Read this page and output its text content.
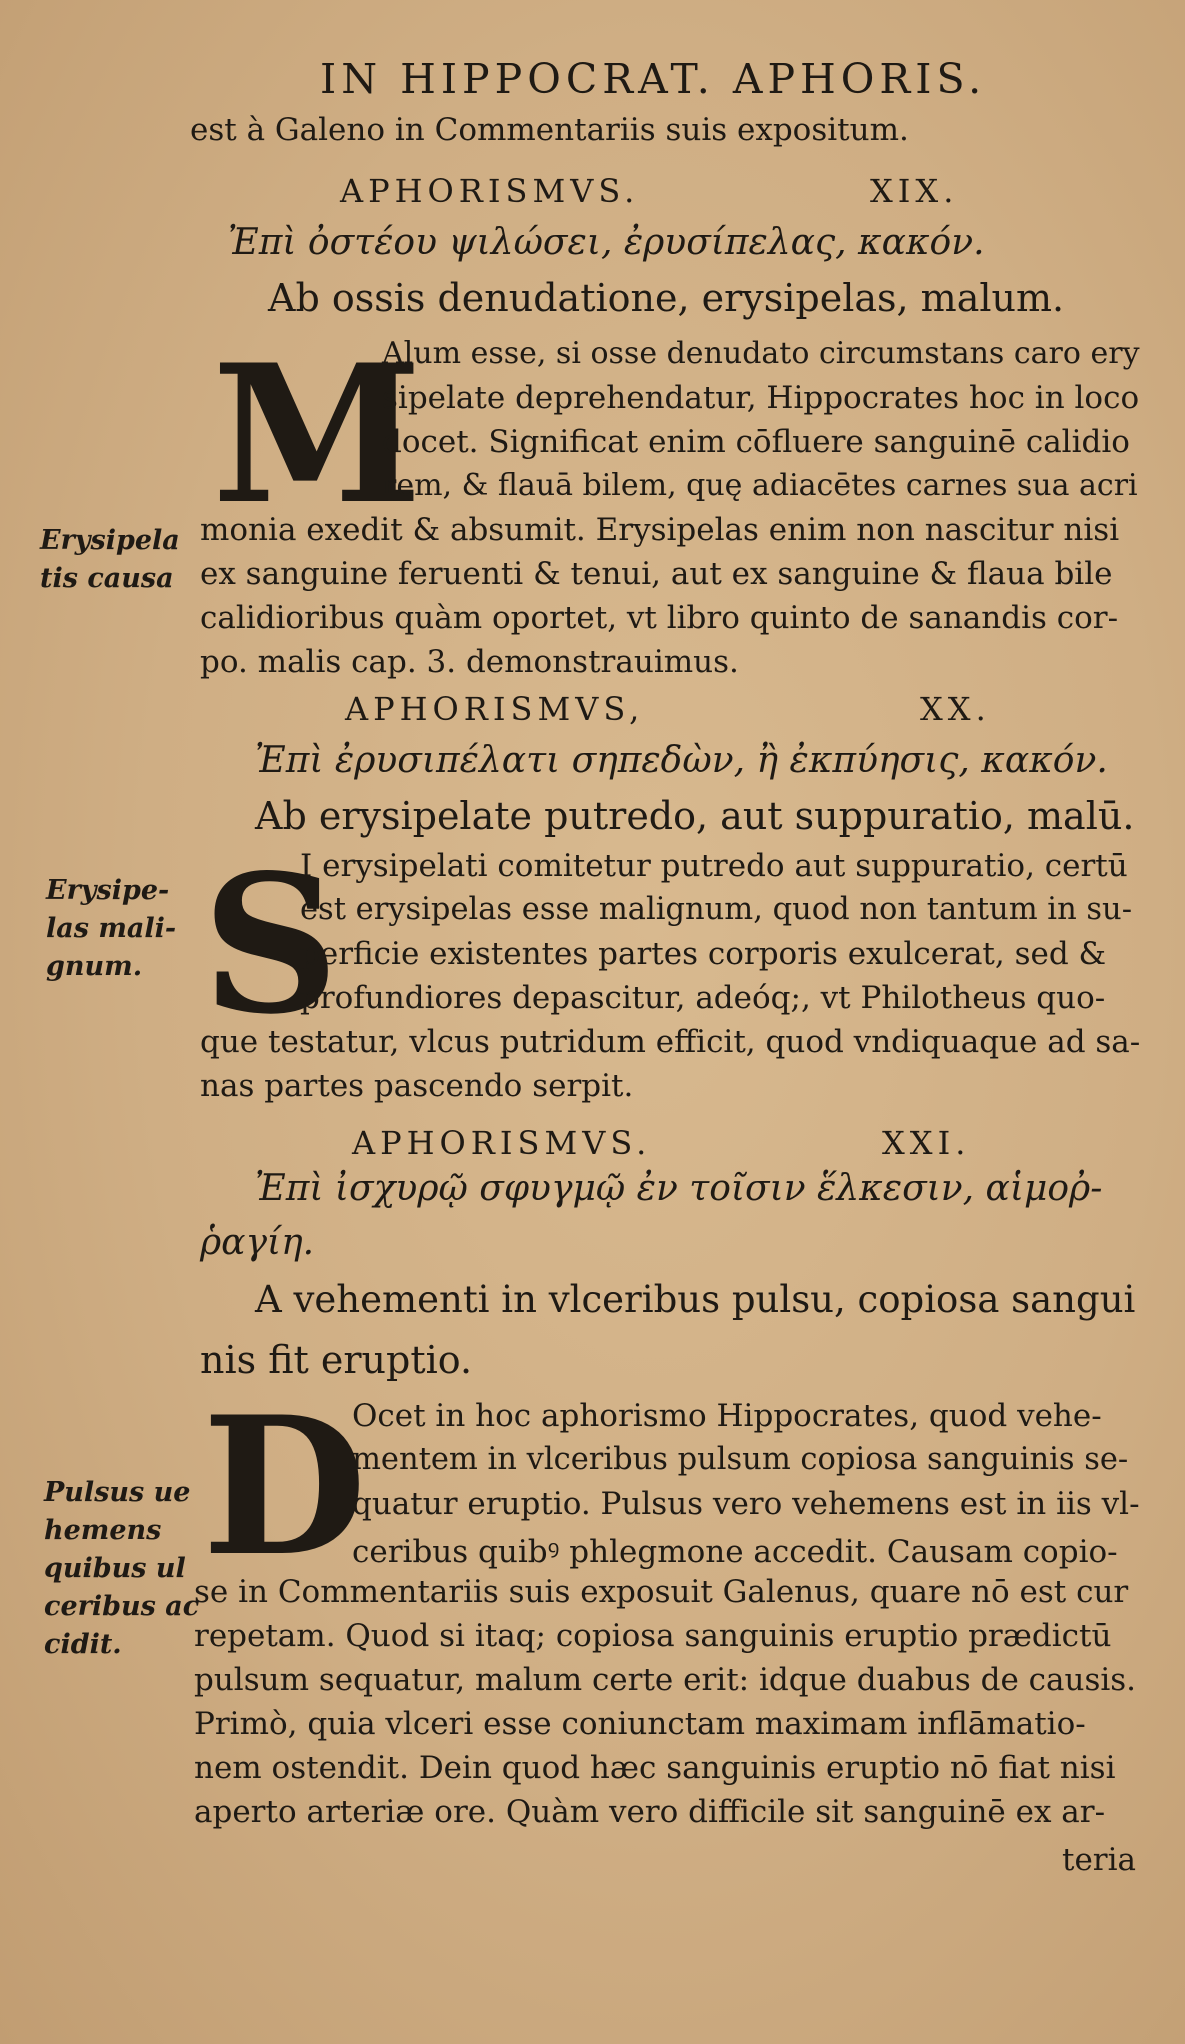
IN HIPPOCRAT. APHORIS.
est à Galeno in Commentariis suis expositum.
APHORISMVS.	XIX.
Ἐπὶ ὀστέου ψιλώσει, ἐρυσίπελας, κακόν.
Ab ossis denudatione, erysipelas, malum.
M
Alum esse, si osse denudato circumstans caro ery
sipelate deprehendatur, Hippocrates hoc in loco
docet. Significat enim cōfluere sanguinē calidio
rem, & flauā bilem, quę adiacētes carnes sua acri
monia exedit & absumit. Erysipelas enim non nascitur nisi
ex sanguine feruenti & tenui, aut ex sanguine & flaua bile
calidioribus quàm oportet, vt libro quinto de sanandis cor-
po. malis cap. 3. demonstrauimus.
Erysipela
tis causa
APHORISMVS,	XX.
Ἐπὶ ἐρυσιπέλατι σηπεδὼν, ἢ ἐκπύησις, κακόν.
Ab erysipelate putredo, aut suppuratio, malū.
S
I erysipelati comitetur putredo aut suppuratio, certū
est erysipelas esse malignum, quod non tantum in su-
perficie existentes partes corporis exulcerat, sed &
profundiores depascitur, adeóq;, vt Philotheus quo-
que testatur, vlcus putridum efficit, quod vndiquaque ad sa-
nas partes pascendo serpit.
Erysipe-
las mali-
gnum.
APHORISMVS.	XXI.
Ἐπὶ ἰσχυρῷ σφυγμῷ ἐν τοῖσιν ἕλκεσιν, αἱμοῤ-
ῥαγίη.
A vehementi in vlceribus pulsu, copiosa sangui
nis fit eruptio.
D
Ocet in hoc aphorismo Hippocrates, quod vehe-
mentem in vlceribus pulsum copiosa sanguinis se-
quatur eruptio. Pulsus vero vehemens est in iis vl-
ceribus quibꝰ phlegmone accedit. Causam copio-
se in Commentariis suis exposuit Galenus, quare nō est cur
repetam. Quod si itaq; copiosa sanguinis eruptio prædictū
pulsum sequatur, malum certe erit: idque duabus de causis.
Primò, quia vlceri esse coniunctam maximam inflāmatio-
nem ostendit. Dein quod hæc sanguinis eruptio nō fiat nisi
aperto arteriæ ore. Quàm vero difficile sit sanguinē ex ar-
Pulsus ue
hemens
quibus ul
ceribus ac
cidit.
teria
